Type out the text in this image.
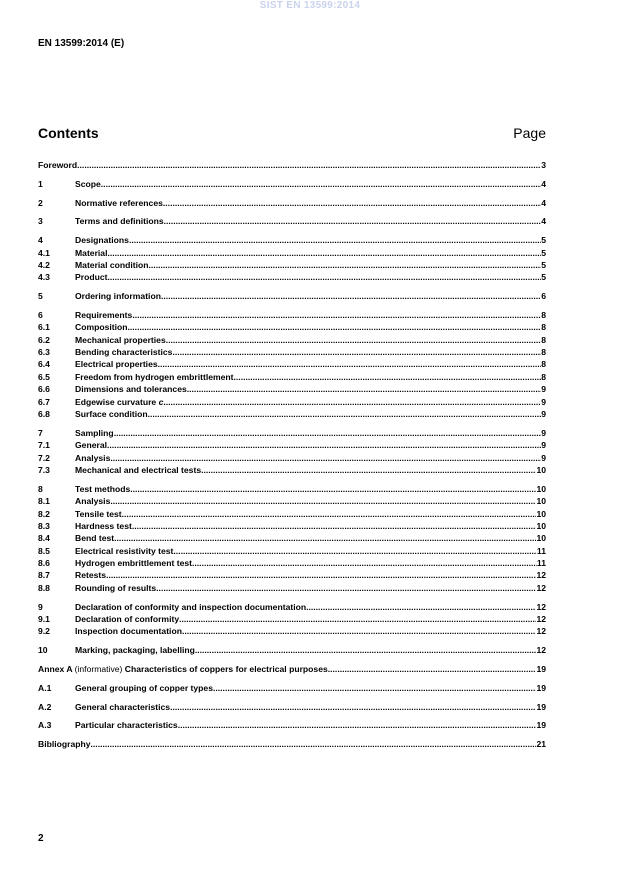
SIST EN 13599:2014
EN 13599:2014 (E)
Contents	Page
Foreword .....	3
1	Scope .....	4
2	Normative references .....	4
3	Terms and definitions .....	4
4	Designations .....	5
4.1	Material .....	5
4.2	Material condition .....	5
4.3	Product .....	5
5	Ordering information .....	6
6	Requirements .....	8
6.1	Composition .....	8
6.2	Mechanical properties .....	8
6.3	Bending characteristics .....	8
6.4	Electrical properties .....	8
6.5	Freedom from hydrogen embrittlement .....	8
6.6	Dimensions and tolerances .....	9
6.7	Edgewise curvature c .....	9
6.8	Surface condition .....	9
7	Sampling .....	9
7.1	General .....	9
7.2	Analysis .....	9
7.3	Mechanical and electrical tests .....	10
8	Test methods .....	10
8.1	Analysis .....	10
8.2	Tensile test .....	10
8.3	Hardness test .....	10
8.4	Bend test .....	10
8.5	Electrical resistivity test .....	11
8.6	Hydrogen embrittlement test .....	11
8.7	Retests .....	12
8.8	Rounding of results .....	12
9	Declaration of conformity and inspection documentation .....	12
9.1	Declaration of conformity .....	12
9.2	Inspection documentation .....	12
10	Marking, packaging, labelling .....	12
Annex A (informative) Characteristics of coppers for electrical purposes .....	19
A.1	General grouping of copper types .....	19
A.2	General characteristics .....	19
A.3	Particular characteristics .....	19
Bibliography .....	21
2
